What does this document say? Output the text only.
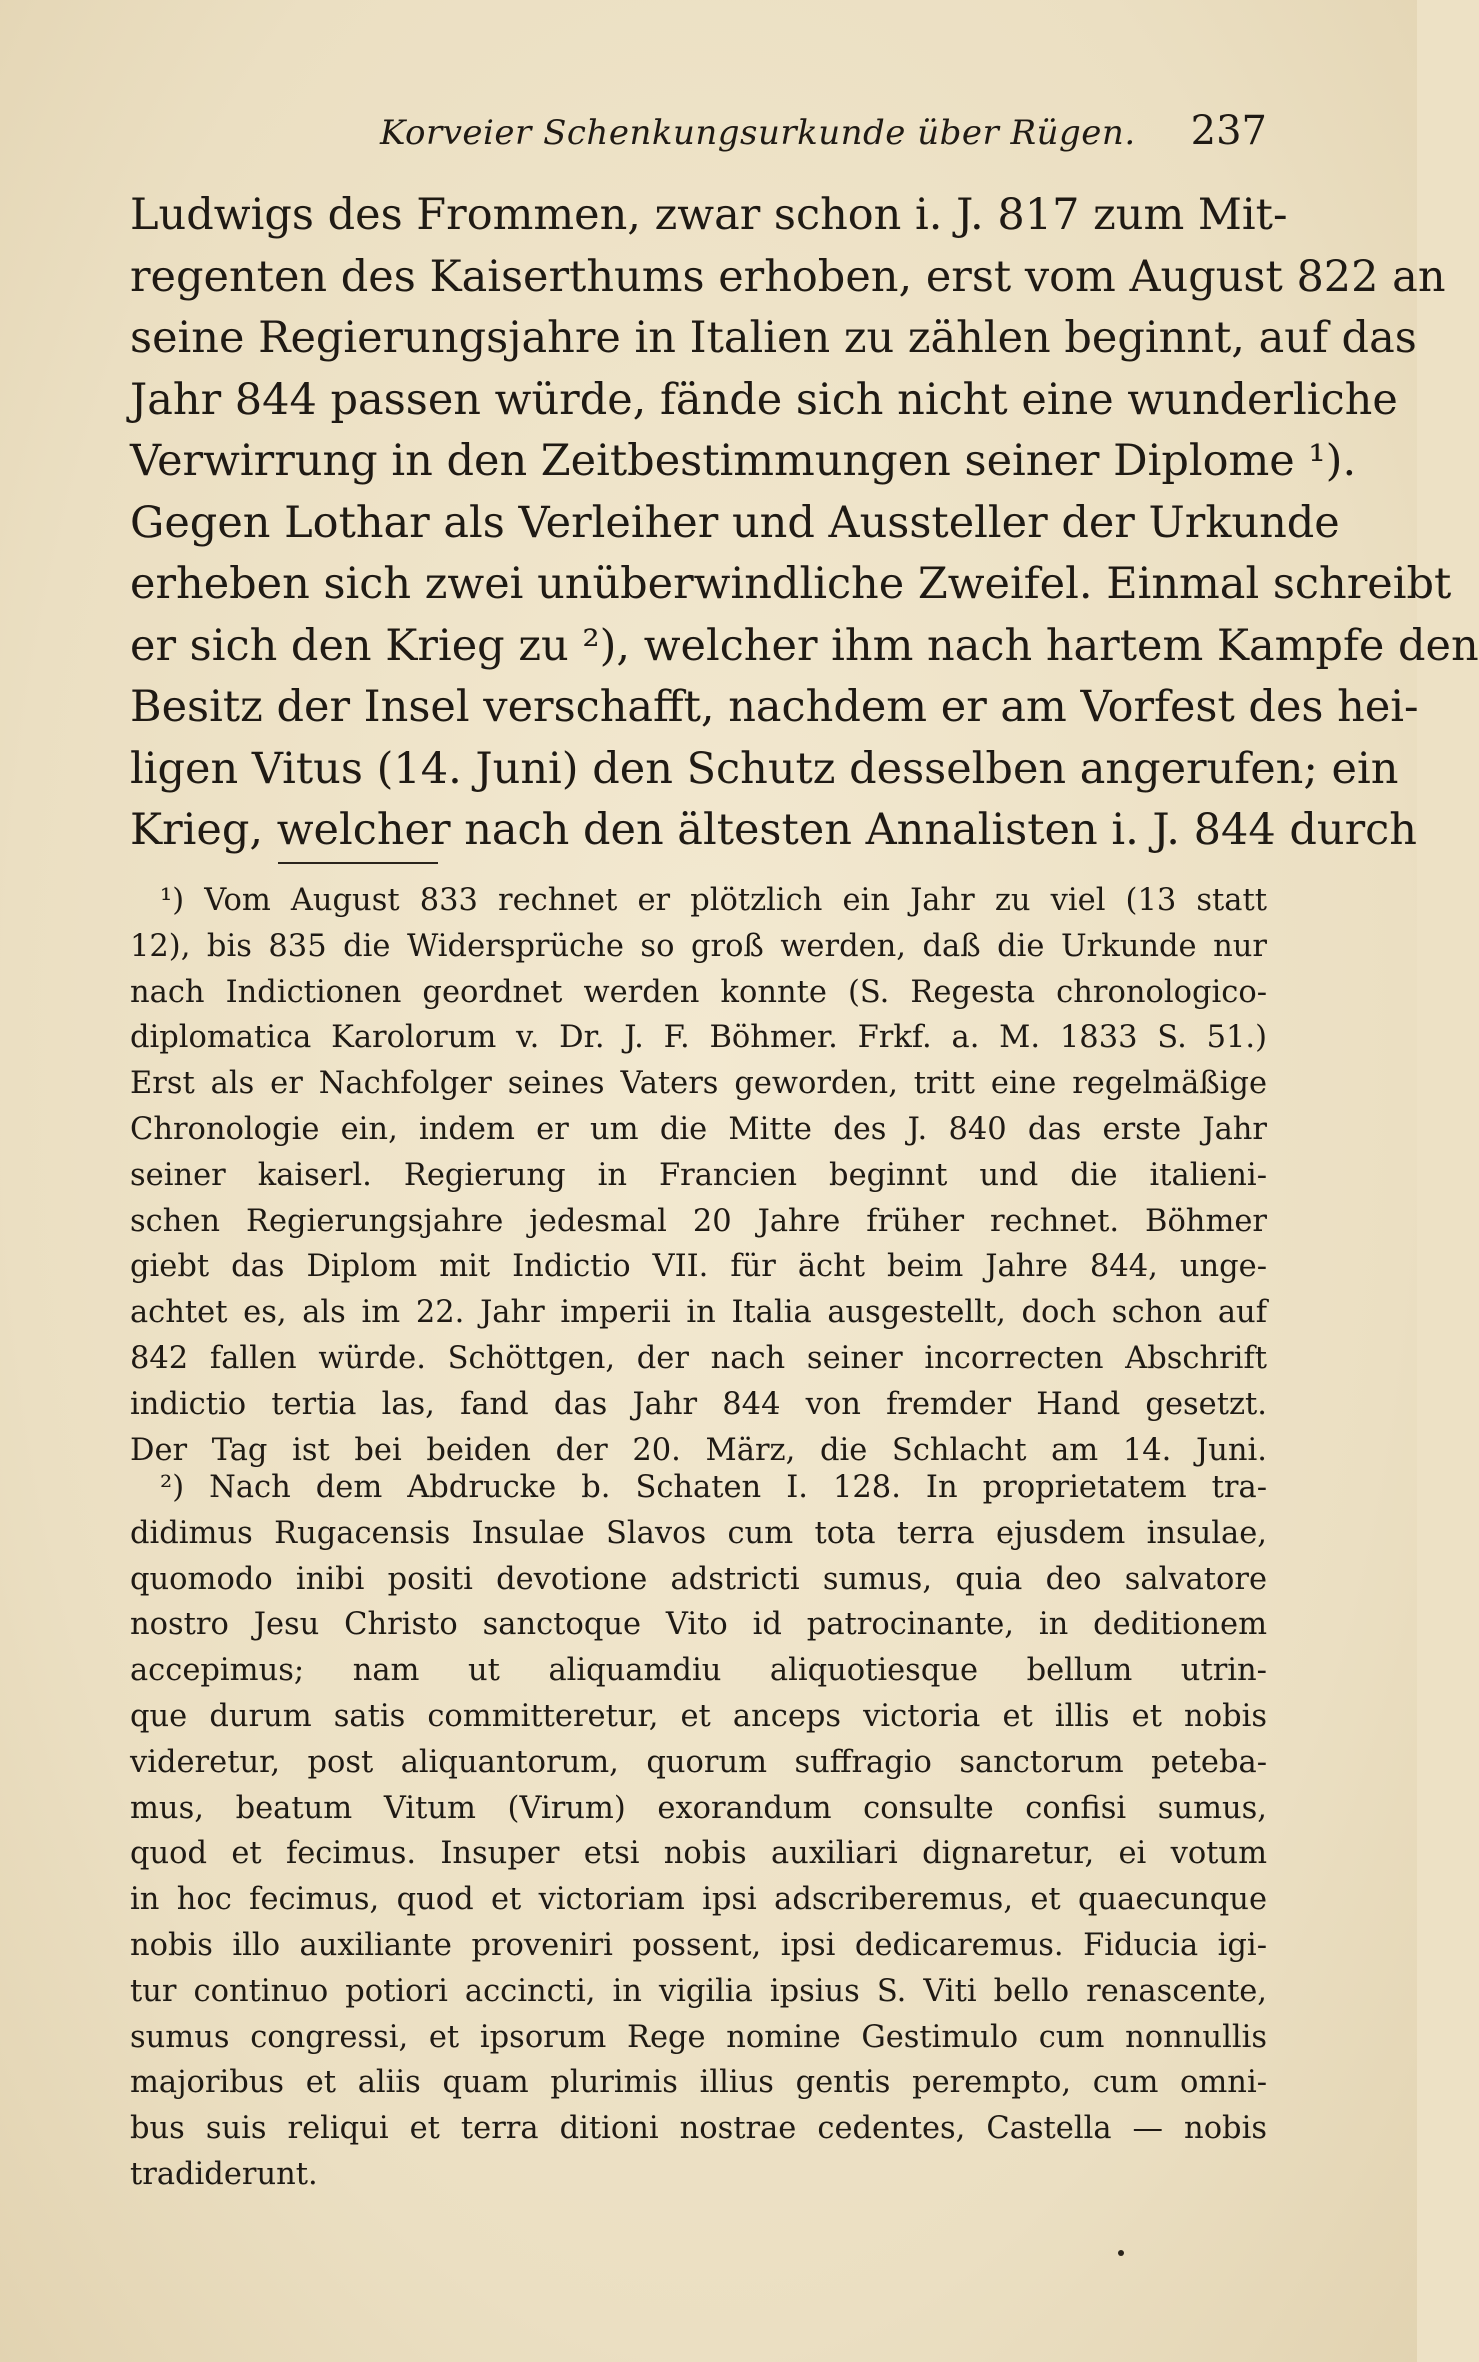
Korveier Schenkungsurkunde über Rügen. 237
Ludwigs des Frommen, zwar schon i. J. 817 zum Mit-
regenten des Kaiserthums erhoben, erst vom August 822 an
seine Regierungsjahre in Italien zu zählen beginnt, auf das
Jahr 844 passen würde, fände sich nicht eine wunderliche
Verwirrung in den Zeitbestimmungen seiner Diplome ¹).
Gegen Lothar als Verleiher und Aussteller der Urkunde
erheben sich zwei unüberwindliche Zweifel. Einmal schreibt
er sich den Krieg zu ²), welcher ihm nach hartem Kampfe den
Besitz der Insel verschafft, nachdem er am Vorfest des hei-
ligen Vitus (14. Juni) den Schutz desselben angerufen; ein
Krieg, welcher nach den ältesten Annalisten i. J. 844 durch
¹) Vom August 833 rechnet er plötzlich ein Jahr zu viel (13 statt
12), bis 835 die Widersprüche so groß werden, daß die Urkunde nur
nach Indictionen geordnet werden konnte (S. Regesta chronologico-
diplomatica Karolorum v. Dr. J. F. Böhmer. Frkf. a. M. 1833 S. 51.)
Erst als er Nachfolger seines Vaters geworden, tritt eine regelmäßige
Chronologie ein, indem er um die Mitte des J. 840 das erste Jahr
seiner kaiserl. Regierung in Francien beginnt und die italieni-
schen Regierungsjahre jedesmal 20 Jahre früher rechnet. Böhmer
giebt das Diplom mit Indictio VII. für ächt beim Jahre 844, unge-
achtet es, als im 22. Jahr imperii in Italia ausgestellt, doch schon auf
842 fallen würde. Schöttgen, der nach seiner incorrecten Abschrift
indictio tertia las, fand das Jahr 844 von fremder Hand gesetzt.
Der Tag ist bei beiden der 20. März, die Schlacht am 14. Juni.
²) Nach dem Abdrucke b. Schaten I. 128. In proprietatem tra-
didimus Rugacensis Insulae Slavos cum tota terra ejusdem insulae,
quomodo inibi positi devotione adstricti sumus, quia deo salvatore
nostro Jesu Christo sanctoque Vito id patrocinante, in deditionem
accepimus; nam ut aliquamdiu aliquotiesque bellum utrin-
que durum satis committeretur, et anceps victoria et illis et nobis
videretur, post aliquantorum, quorum suffragio sanctorum peteba-
mus, beatum Vitum (Virum) exorandum consulte confisi sumus,
quod et fecimus. Insuper etsi nobis auxiliari dignaretur, ei votum
in hoc fecimus, quod et victoriam ipsi adscriberemus, et quaecunque
nobis illo auxiliante proveniri possent, ipsi dedicaremus. Fiducia igi-
tur continuo potiori accincti, in vigilia ipsius S. Viti bello renascente,
sumus congressi, et ipsorum Rege nomine Gestimulo cum nonnullis
majoribus et aliis quam plurimis illius gentis perempto, cum omni-
bus suis reliqui et terra ditioni nostrae cedentes, Castella — nobis
tradiderunt.
